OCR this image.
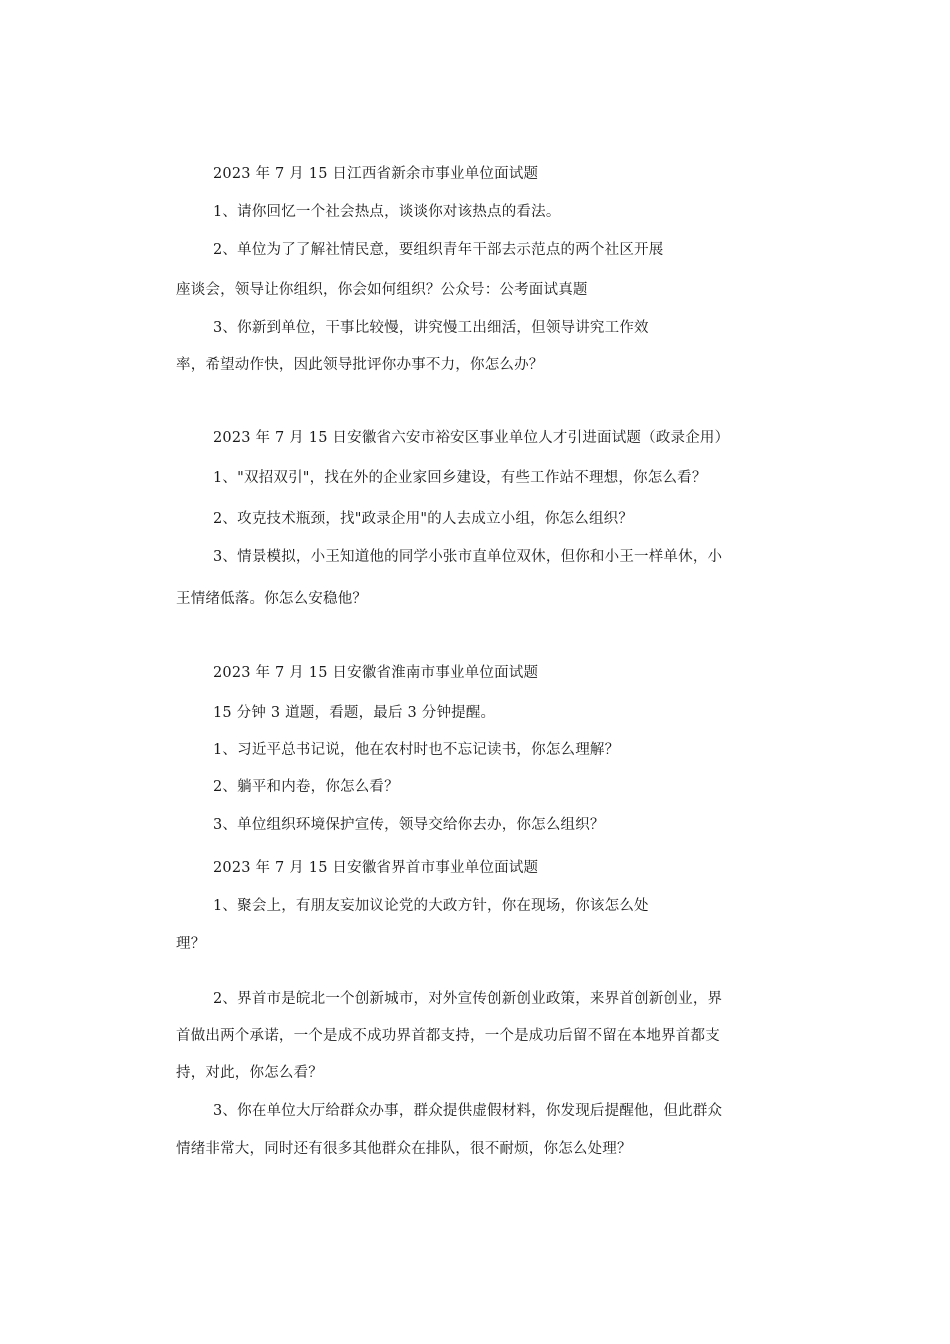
2023 年 7 月 15 日江西省新余市事业单位面试题
1、请你回忆一个社会热点，谈谈你对该热点的看法。
2、单位为了了解社情民意，要组织青年干部去示范点的两个社区开展
座谈会，领导让你组织，你会如何组织？公众号：公考面试真题
3、你新到单位，干事比较慢，讲究慢工出细活，但领导讲究工作效
率，希望动作快，因此领导批评你办事不力，你怎么办？
2023 年 7 月 15 日安徽省六安市裕安区事业单位人才引进面试题（政录企用）
1、"双招双引"，找在外的企业家回乡建设，有些工作站不理想，你怎么看？
2、攻克技术瓶颈，找"政录企用"的人去成立小组，你怎么组织？
3、情景模拟，小王知道他的同学小张市直单位双休，但你和小王一样单休，小
王情绪低落。你怎么安稳他？
2023 年 7 月 15 日安徽省淮南市事业单位面试题
15 分钟 3 道题，看题，最后 3 分钟提醒。
1、习近平总书记说，他在农村时也不忘记读书，你怎么理解？
2、躺平和内卷，你怎么看？
3、单位组织环境保护宣传，领导交给你去办，你怎么组织？
2023 年 7 月 15 日安徽省界首市事业单位面试题
1、聚会上，有朋友妄加议论党的大政方针，你在现场，你该怎么处
理？
2、界首市是皖北一个创新城市，对外宣传创新创业政策，来界首创新创业，界
首做出两个承诺，一个是成不成功界首都支持，一个是成功后留不留在本地界首都支
持，对此，你怎么看？
3、你在单位大厅给群众办事，群众提供虚假材料，你发现后提醒他，但此群众
情绪非常大，同时还有很多其他群众在排队，很不耐烦，你怎么处理？
